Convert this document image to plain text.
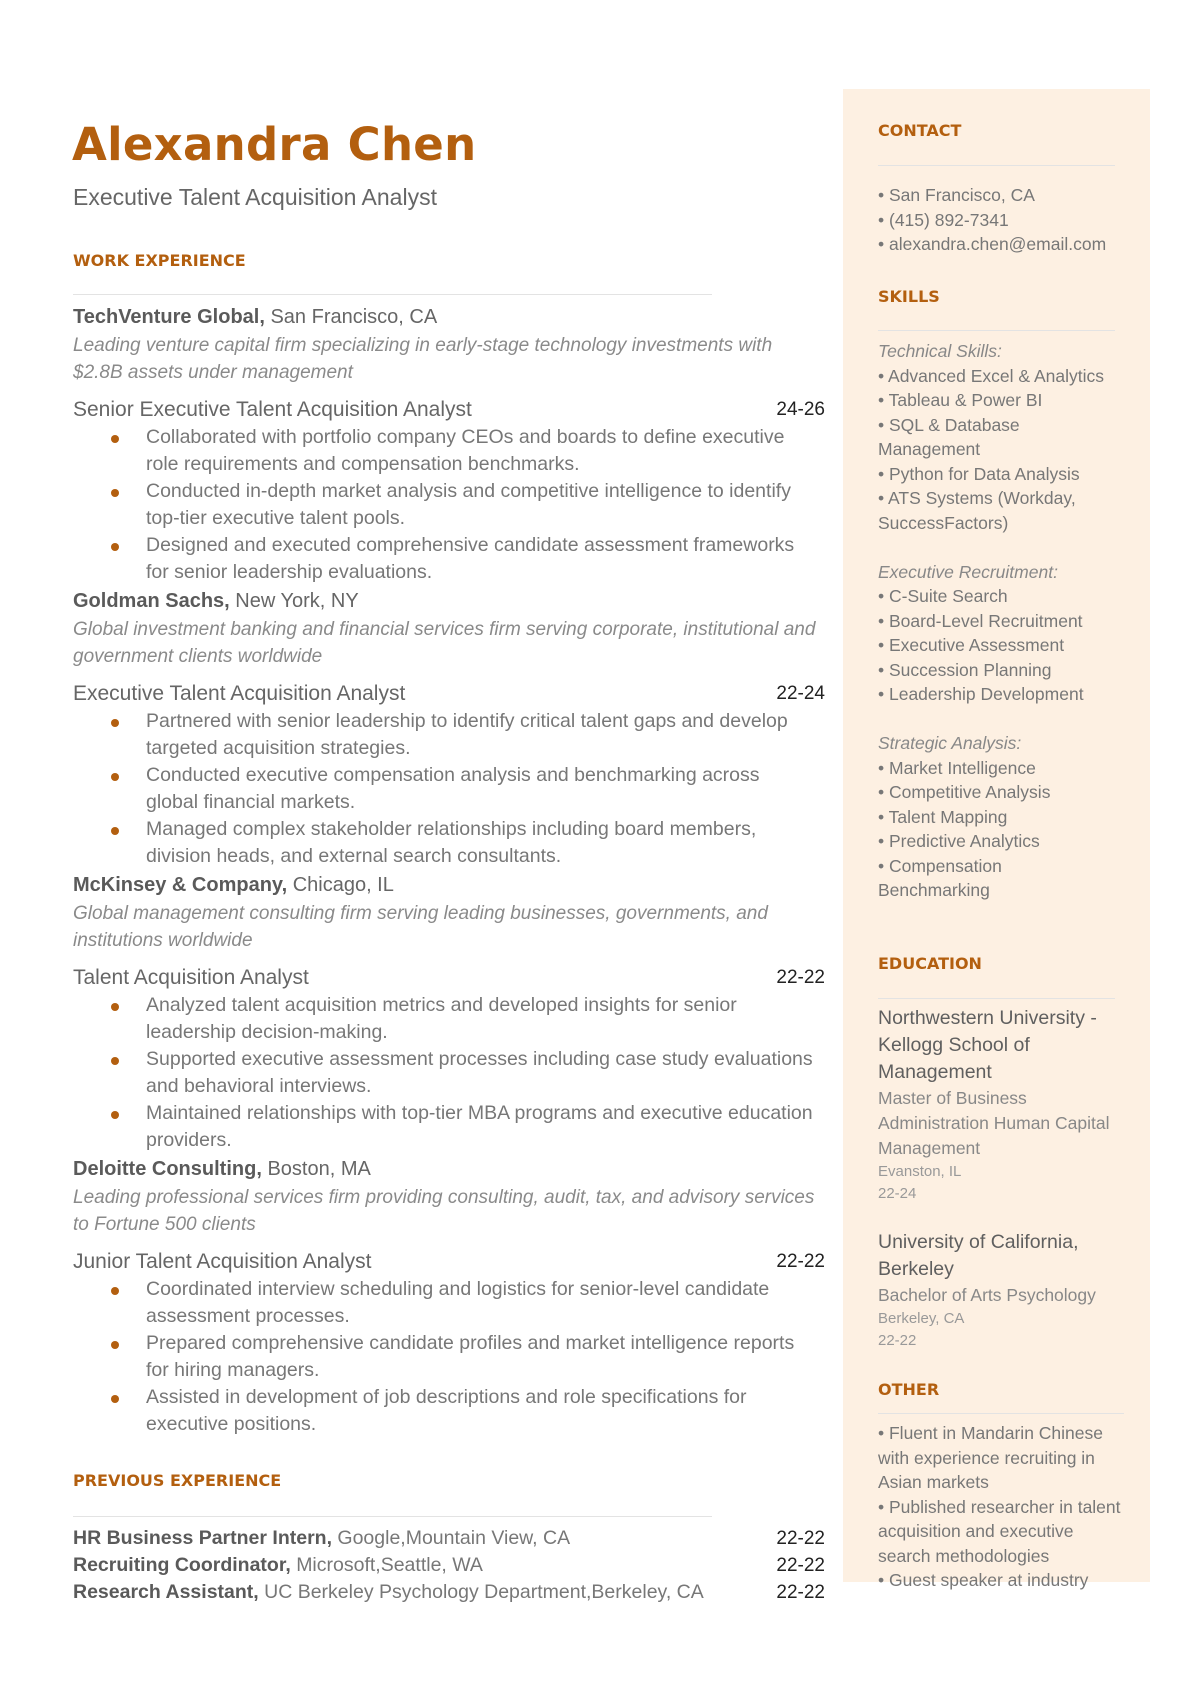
Alexandra Chen
Executive Talent Acquisition Analyst
WORK EXPERIENCE
TechVenture Global, San Francisco, CA
Leading venture capital firm specializing in early-stage technology investments with $2.8B assets under management
Senior Executive Talent Acquisition Analyst	24-26
Collaborated with portfolio company CEOs and boards to define executive role requirements and compensation benchmarks.
Conducted in-depth market analysis and competitive intelligence to identify top-tier executive talent pools.
Designed and executed comprehensive candidate assessment frameworks for senior leadership evaluations.
Goldman Sachs, New York, NY
Global investment banking and financial services firm serving corporate, institutional and government clients worldwide
Executive Talent Acquisition Analyst	22-24
Partnered with senior leadership to identify critical talent gaps and develop targeted acquisition strategies.
Conducted executive compensation analysis and benchmarking across global financial markets.
Managed complex stakeholder relationships including board members, division heads, and external search consultants.
McKinsey & Company, Chicago, IL
Global management consulting firm serving leading businesses, governments, and institutions worldwide
Talent Acquisition Analyst	22-22
Analyzed talent acquisition metrics and developed insights for senior leadership decision-making.
Supported executive assessment processes including case study evaluations and behavioral interviews.
Maintained relationships with top-tier MBA programs and executive education providers.
Deloitte Consulting, Boston, MA
Leading professional services firm providing consulting, audit, tax, and advisory services to Fortune 500 clients
Junior Talent Acquisition Analyst	22-22
Coordinated interview scheduling and logistics for senior-level candidate assessment processes.
Prepared comprehensive candidate profiles and market intelligence reports for hiring managers.
Assisted in development of job descriptions and role specifications for executive positions.
PREVIOUS EXPERIENCE
HR Business Partner Intern, Google,Mountain View, CA	22-22
Recruiting Coordinator, Microsoft,Seattle, WA	22-22
Research Assistant, UC Berkeley Psychology Department,Berkeley, CA	22-22
CONTACT
• San Francisco, CA
• (415) 892-7341
• alexandra.chen@email.com
SKILLS
Technical Skills:
• Advanced Excel & Analytics
• Tableau & Power BI
• SQL & Database
Management
• Python for Data Analysis
• ATS Systems (Workday,
SuccessFactors)
Executive Recruitment:
• C-Suite Search
• Board-Level Recruitment
• Executive Assessment
• Succession Planning
• Leadership Development
Strategic Analysis:
• Market Intelligence
• Competitive Analysis
• Talent Mapping
• Predictive Analytics
• Compensation
Benchmarking
EDUCATION
Northwestern University - Kellogg School of Management
Master of Business Administration Human Capital Management
Evanston, IL
22-24
University of California, Berkeley
Bachelor of Arts Psychology
Berkeley, CA
22-22
OTHER
• Fluent in Mandarin Chinese
with experience recruiting in
Asian markets
• Published researcher in talent
acquisition and executive
search methodologies
• Guest speaker at industry
